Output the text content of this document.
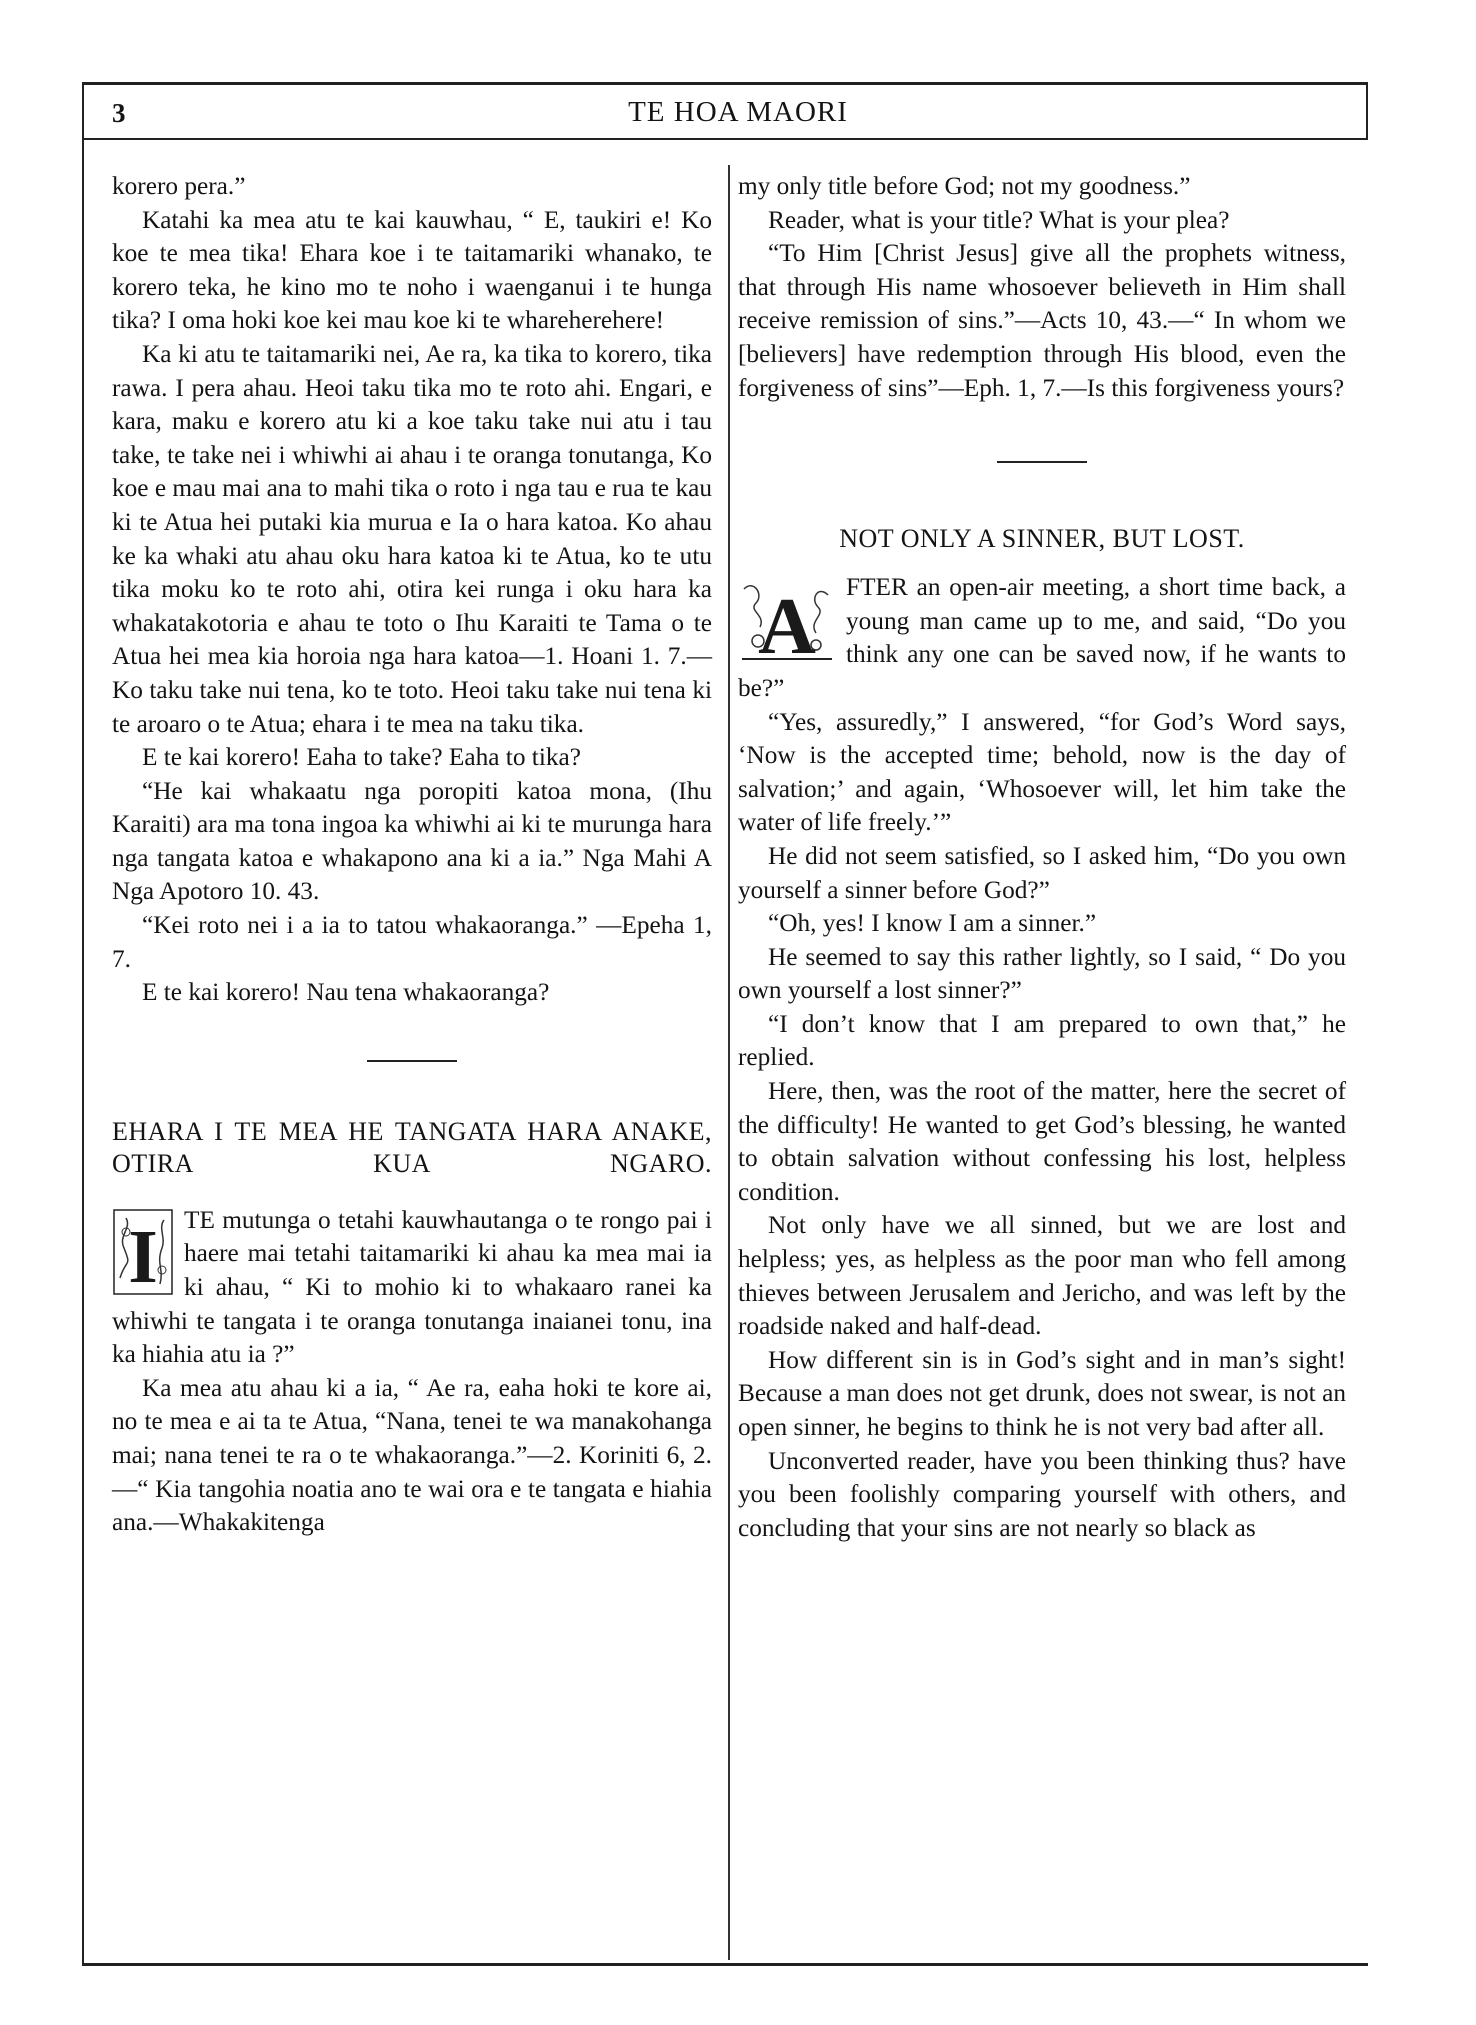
3	TE HOA MAORI

korero pera.”

Katahi ka mea atu te kai kauwhau, “ E, taukiri e! Ko koe te mea tika! Ehara koe i te taitamariki whanako, te korero teka, he kino mo te noho i waenganui i te hunga tika? I oma hoki koe kei mau koe ki te whareherehere!

Ka ki atu te taitamariki nei, Ae ra, ka tika to korero, tika rawa. I pera ahau. Heoi taku tika mo te roto ahi. Engari, e kara, maku e korero atu ki a koe taku take nui atu i tau take, te take nei i whiwhi ai ahau i te oranga tonutanga, Ko koe e mau mai ana to mahi tika o roto i nga tau e rua te kau ki te Atua hei putaki kia murua e Ia o hara katoa. Ko ahau ke ka whaki atu ahau oku hara katoa ki te Atua, ko te utu tika moku ko te roto ahi, otira kei runga i oku hara ka whakatakotoria e ahau te toto o Ihu Karaiti te Tama o te Atua hei mea kia horoia nga hara katoa—1. Hoani 1. 7.— Ko taku take nui tena, ko te toto. Heoi taku take nui tena ki te aroaro o te Atua; ehara i te mea na taku tika.

E te kai korero! Eaha to take? Eaha to tika?

“He kai whakaatu nga poropiti katoa mona, (Ihu Karaiti) ara ma tona ingoa ka whiwhi ai ki te murunga hara nga tangata katoa e whakapono ana ki a ia.” Nga Mahi A Nga Apotoro 10. 43.

“Kei roto nei i a ia to tatou whakaoranga.” —Epeha 1, 7.

E te kai korero! Nau tena whakaoranga?

EHARA I TE MEA HE TANGATA HARA ANAKE, OTIRA KUA NGARO.
I	TE mutunga o tetahi kauwhautanga o te rongo pai i haere mai tetahi taitamariki ki ahau ka mea mai ia ki ahau, “ Ki to mohio ki to whakaaro ranei ka whiwhi te tangata i te oranga tonutanga inaianei tonu, ina ka hiahia atu ia ?”

Ka mea atu ahau ki a ia, “ Ae ra, eaha hoki te kore ai, no te mea e ai ta te Atua, “Nana, tenei te wa manakohanga mai; nana tenei te ra o te whakaoranga.”—2. Koriniti 6, 2.—“ Kia tangohia noatia ano te wai ora e te tangata e hiahia ana.—Whakakitenga

my only title before God; not my goodness.”

Reader, what is your title? What is your plea?

“To Him [Christ Jesus] give all the prophets witness, that through His name whosoever believeth in Him shall receive remission of sins.”—Acts 10, 43.—“ In whom we [believers] have redemption through His blood, even the forgiveness of sins”—Eph. 1, 7.—Is this forgiveness yours?

NOT ONLY A SINNER, BUT LOST.
A	FTER an open-air meeting, a short time back, a young man came up to me, and said, “Do you think any one can be saved now, if he wants to be?”

“Yes, assuredly,” I answered, “for God’s Word says, ‘Now is the accepted time; behold, now is the day of salvation;’ and again, ‘Whosoever will, let him take the water of life freely.’”

He did not seem satisfied, so I asked him, “Do you own yourself a sinner before God?”

“Oh, yes! I know I am a sinner.”

He seemed to say this rather lightly, so I said, “ Do you own yourself a lost sinner?”

“I don’t know that I am prepared to own that,” he replied.

Here, then, was the root of the matter, here the secret of the difficulty! He wanted to get God’s blessing, he wanted to obtain salvation without confessing his lost, helpless condition.

Not only have we all sinned, but we are lost and helpless; yes, as helpless as the poor man who fell among thieves between Jerusalem and Jericho, and was left by the roadside naked and half-dead.

How different sin is in God’s sight and in man’s sight! Because a man does not get drunk, does not swear, is not an open sinner, he begins to think he is not very bad after all.

Unconverted reader, have you been thinking thus? have you been foolishly comparing yourself with others, and concluding that your sins are not nearly so black as
